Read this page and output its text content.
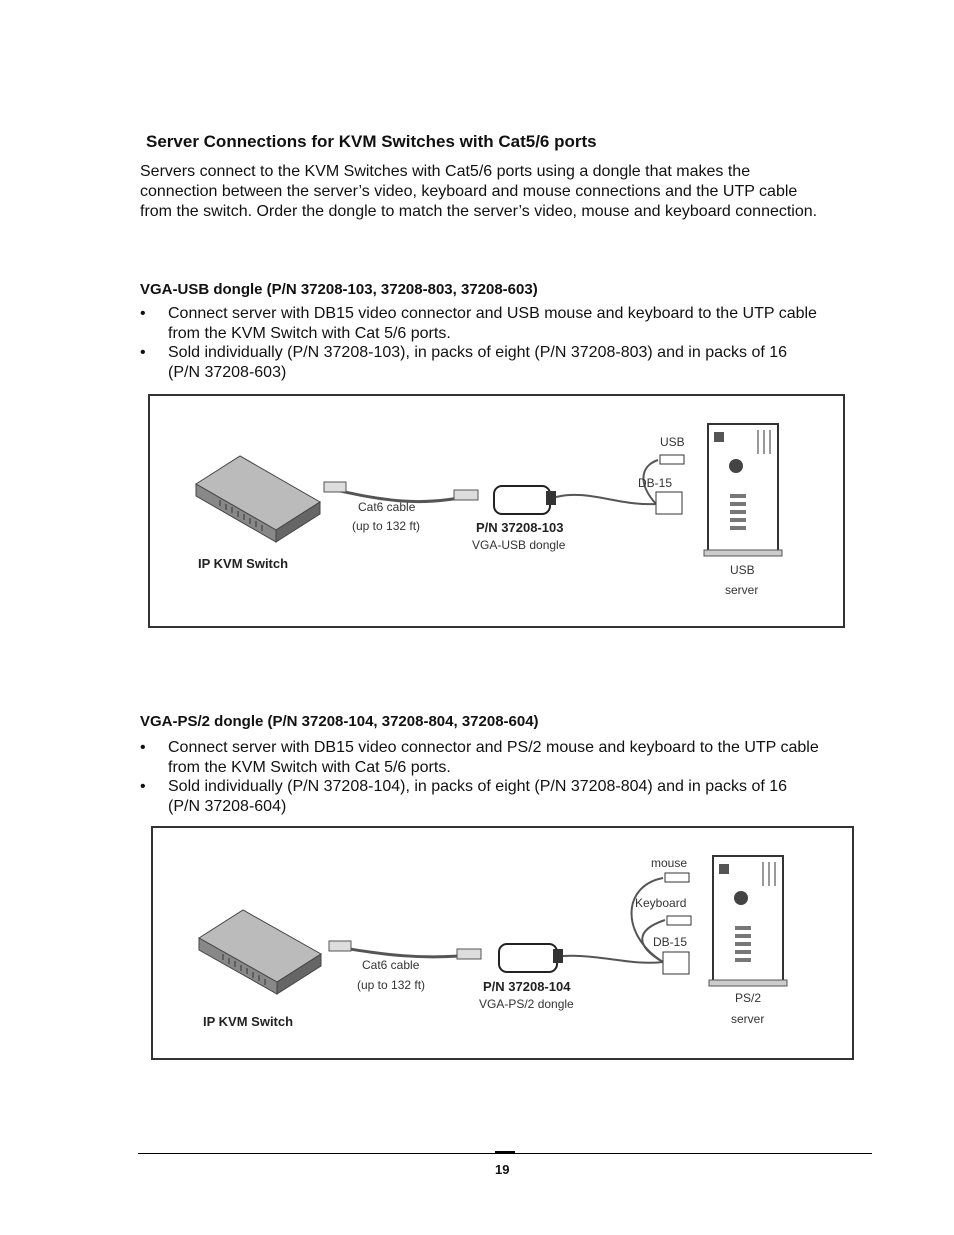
Server Connections for KVM Switches with Cat5/6 ports
Servers connect to the KVM Switches with Cat5/6 ports using a dongle that makes the
connection between the server’s video, keyboard and mouse connections and the UTP cable
from the switch. Order the dongle to match the server’s video, mouse and keyboard connection.
VGA-USB dongle (P/N 37208-103, 37208-803, 37208-603)
• Connect server with DB15 video connector and USB mouse and keyboard to the UTP cable
from the KVM Switch with Cat 5/6 ports.
• Sold individually (P/N 37208-103), in packs of eight (P/N 37208-803) and in packs of 16
(P/N 37208-603)
IP KVM Switch
Cat6 cable
(up to 132 ft)	P/N 37208-103
VGA-USB dongle
USB
DB-15
USB
server
VGA-PS/2 dongle (P/N 37208-104, 37208-804, 37208-604)
• Connect server with DB15 video connector and PS/2 mouse and keyboard to the UTP cable
from the KVM Switch with Cat 5/6 ports.
• Sold individually (P/N 37208-104), in packs of eight (P/N 37208-804) and in packs of 16
(P/N 37208-604)
IP KVM Switch
Cat6 cable
(up to 132 ft)	P/N 37208-104
VGA-PS/2 dongle
mouse
Keyboard
DB-15
PS/2
server
19
